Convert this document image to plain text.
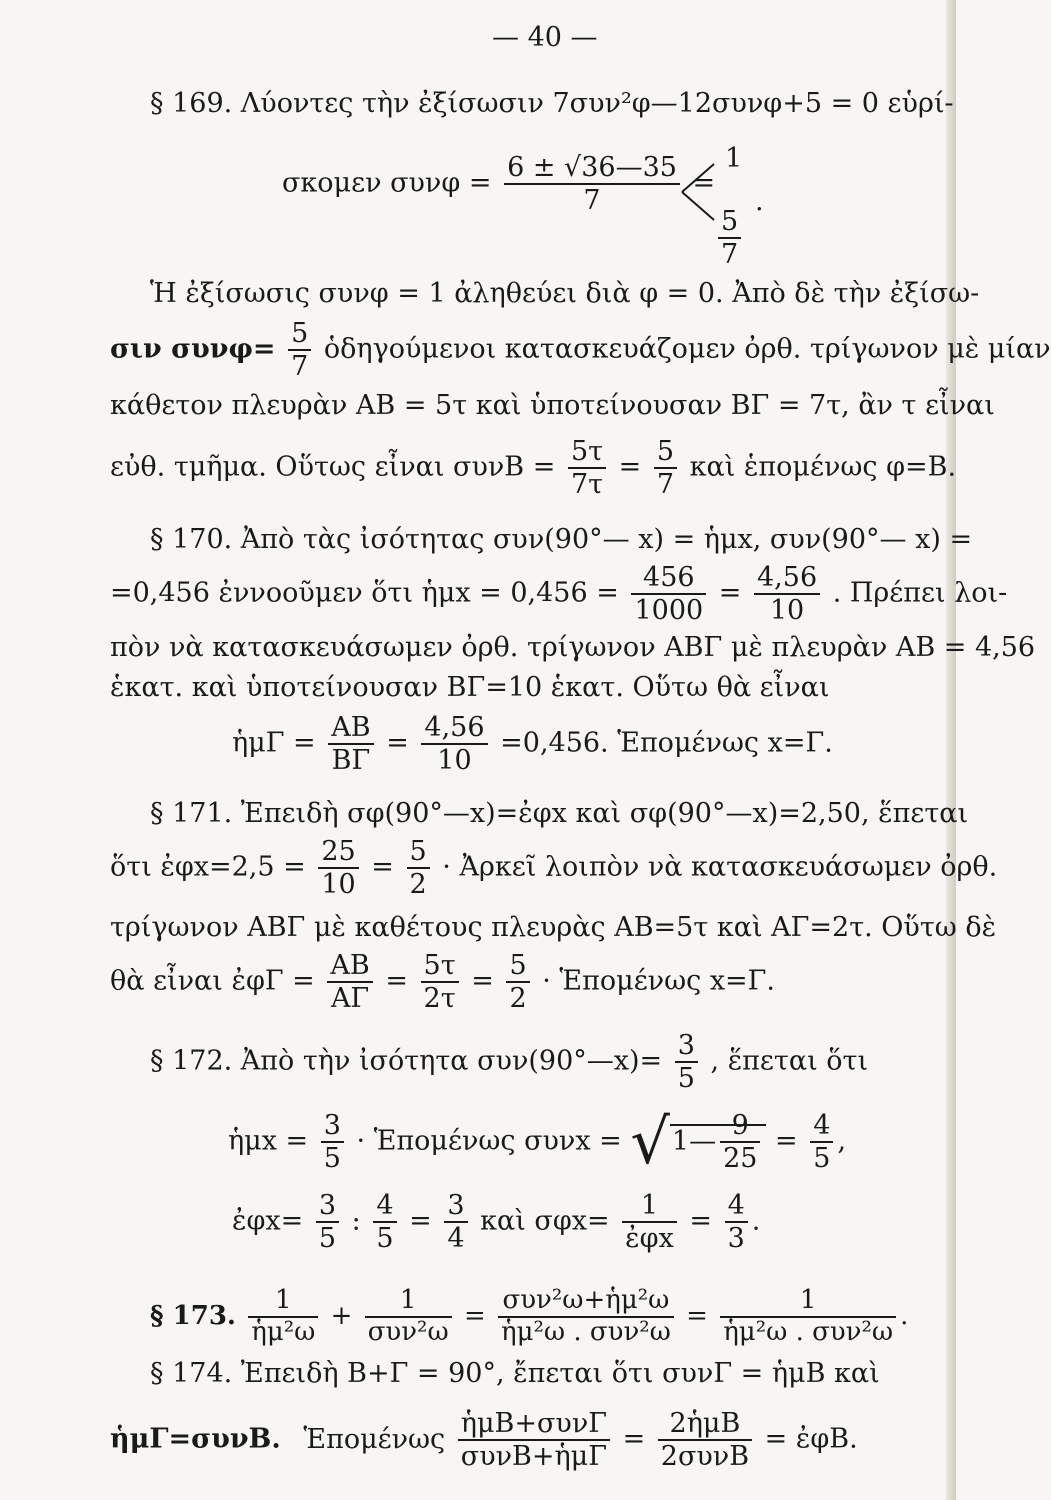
— 40 —
§ 169. Λύοντες τὴν ἐξίσωσιν 7συν²φ—12συνφ+5 = 0 εὑρί-
σκομεν $\sigma\upsilon\nu\varphi = \frac{6 \pm √36—35}{7}$ =
1
$\frac{5}{7}$
.
Ἡ ἐξίσωσις συνφ = 1 ἀληθεύει διὰ φ = 0. Ἀπὸ δὲ τὴν ἐξίσω-
σιν $\sigma\upsilon\nu\varphi= \frac{5}{7}$ ὁδηγούμενοι κατασκευάζομεν ὀρθ. τρίγωνον μὲ μίαν
κάθετον πλευρὰν ΑΒ = 5τ καὶ ὑποτείνουσαν ΒΓ = 7τ, ἂν τ εἶναι
εὐθ. τμῆμα. Οὕτως εἶναι $\sigma\upsilon\nu B = \frac{5\tau}{7\tau} = \frac{5}{7}$ καὶ ἑπομένως φ=Β.
§ 170. Ἀπὸ τὰς ἰσότητας συν(90°— x) = ἡμx, συν(90°— x) =
=0,456 ἐννοοῦμεν ὅτι ἡμx = $0,456 = \frac{456}{1000} = \frac{4,56}{10}$ . Πρέπει λοι-
πὸν νὰ κατασκευάσωμεν ὀρθ. τρίγωνον ΑΒΓ μὲ πλευρὰν ΑΒ = 4,56
ἑκατ. καὶ ὑποτείνουσαν ΒΓ=10 ἑκατ. Οὕτω θὰ εἶναι
ἡμΓ = $\frac{AB}{B\Gamma} = \frac{4,56}{10} =0,456$. Ἑπομένως x=Γ.
§ 171. Ἐπειδὴ σφ(90°—x)=ἐφx καὶ σφ(90°—x)=2,50, ἕπεται
ὅτι ἐφx=2,5 = $\frac{25}{10} = \frac{5}{2}$ · Ἀρκεῖ λοιπὸν νὰ κατασκευάσωμεν ὀρθ.
τρίγωνον ΑΒΓ μὲ καθέτους πλευρὰς ΑΒ=5τ καὶ ΑΓ=2τ. Οὕτω δὲ
θὰ εἶναι ἐφΓ = $\frac{AB}{A\Gamma} = \frac{5\tau}{2\tau} = \frac{5}{2}$ · Ἑπομένως x=Γ.
§ 172. Ἀπὸ τὴν ἰσότητα συν(90°—x)= $\frac{3}{5}$ , ἕπεται ὅτι
ἡμx = $\frac{3}{5}$ · Ἑπομένως συνx = √1— $\frac{9}{25} = \frac{4}{5}$ ,
ἐφx= $\frac{3}{5}$ : $\frac{4}{5} = \frac{3}{4}$ καὶ $\sigma\varphi x= \frac{1}{\text{ἐφx}} = \frac{4}{3}$ .
§ 173. $\frac{1}{\text{ἡμ²ω}} + \frac{1}{\text{συν²ω}} = \frac{\text{συν²ω+ἡμ²ω}}{\text{ἡμ²ω . συν²ω}} = \frac{1}{\text{ἡμ²ω . συν²ω}}$ .
§ 174. Ἐπειδὴ Β+Γ = 90°, ἔπεται ὅτι συνΓ = ἡμΒ καὶ
ἡμΓ=συνΒ. Ἑπομένως $\frac{\text{ἡμΒ+συνΓ}}{\text{συνΒ+ἡμΓ}} = \frac{\text{2ἡμΒ}}{\text{2συνΒ}}$ = ἐφΒ.
